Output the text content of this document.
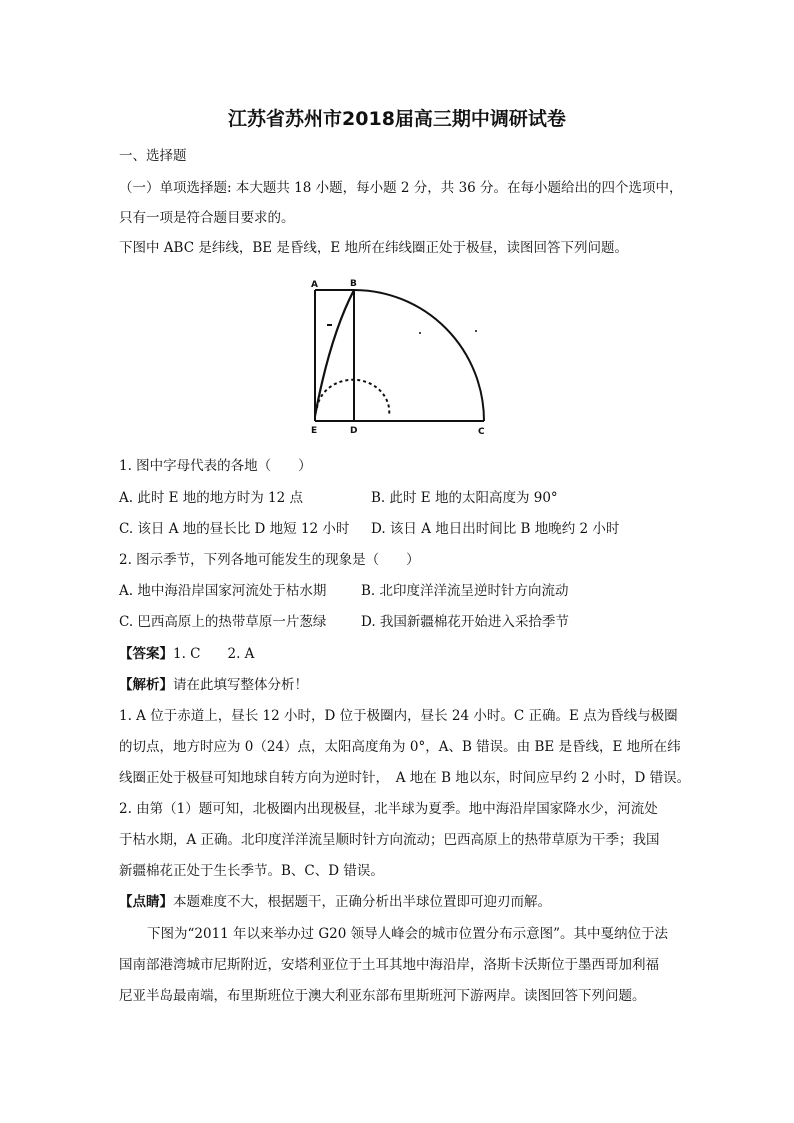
江苏省苏州市2018届高三期中调研试卷
一、选择题
（一）单项选择题: 本大题共 18 小题，每小题 2 分，共 36 分。在每小题给出的四个选项中，
只有一项是符合题目要求的。
下图中 ABC 是纬线，BE 是昏线，E 地所在纬线圈正处于极昼，读图回答下列问题。
A	B
E	D	C
1. 图中字母代表的各地（　　）
A. 此时 E 地的地方时为 12 点	B. 此时 E 地的太阳高度为 90°
C. 该日 A 地的昼长比 D 地短 12 小时 D. 该日 A 地日出时间比 B 地晚约 2 小时
2. 图示季节，下列各地可能发生的现象是（　　）
A. 地中海沿岸国家河流处于枯水期	B. 北印度洋洋流呈逆时针方向流动
C. 巴西高原上的热带草原一片葱绿	D. 我国新疆棉花开始进入采拾季节
【答案】1. C　　2. A
【解析】请在此填写整体分析！
1. A 位于赤道上，昼长 12 小时，D 位于极圈内，昼长 24 小时。C 正确。E 点为昏线与极圈
的切点，地方时应为 0（24）点，太阳高度角为 0°，A、B 错误。由 BE 是昏线，E 地所在纬
线圈正处于极昼可知地球自转方向为逆时针，　A 地在 B 地以东，时间应早约 2 小时，D 错误。
2. 由第（1）题可知，北极圈内出现极昼，北半球为夏季。地中海沿岸国家降水少，河流处
于枯水期，A 正确。北印度洋洋流呈顺时针方向流动；巴西高原上的热带草原为干季；我国
新疆棉花正处于生长季节。B、C、D 错误。
【点睛】本题难度不大，根据题干，正确分析出半球位置即可迎刃而解。
下图为“2011 年以来举办过 G20 领导人峰会的城市位置分布示意图”。其中戛纳位于法
国南部港湾城市尼斯附近，安塔利亚位于土耳其地中海沿岸，洛斯卡沃斯位于墨西哥加利福
尼亚半岛最南端，布里斯班位于澳大利亚东部布里斯班河下游两岸。读图回答下列问题。
